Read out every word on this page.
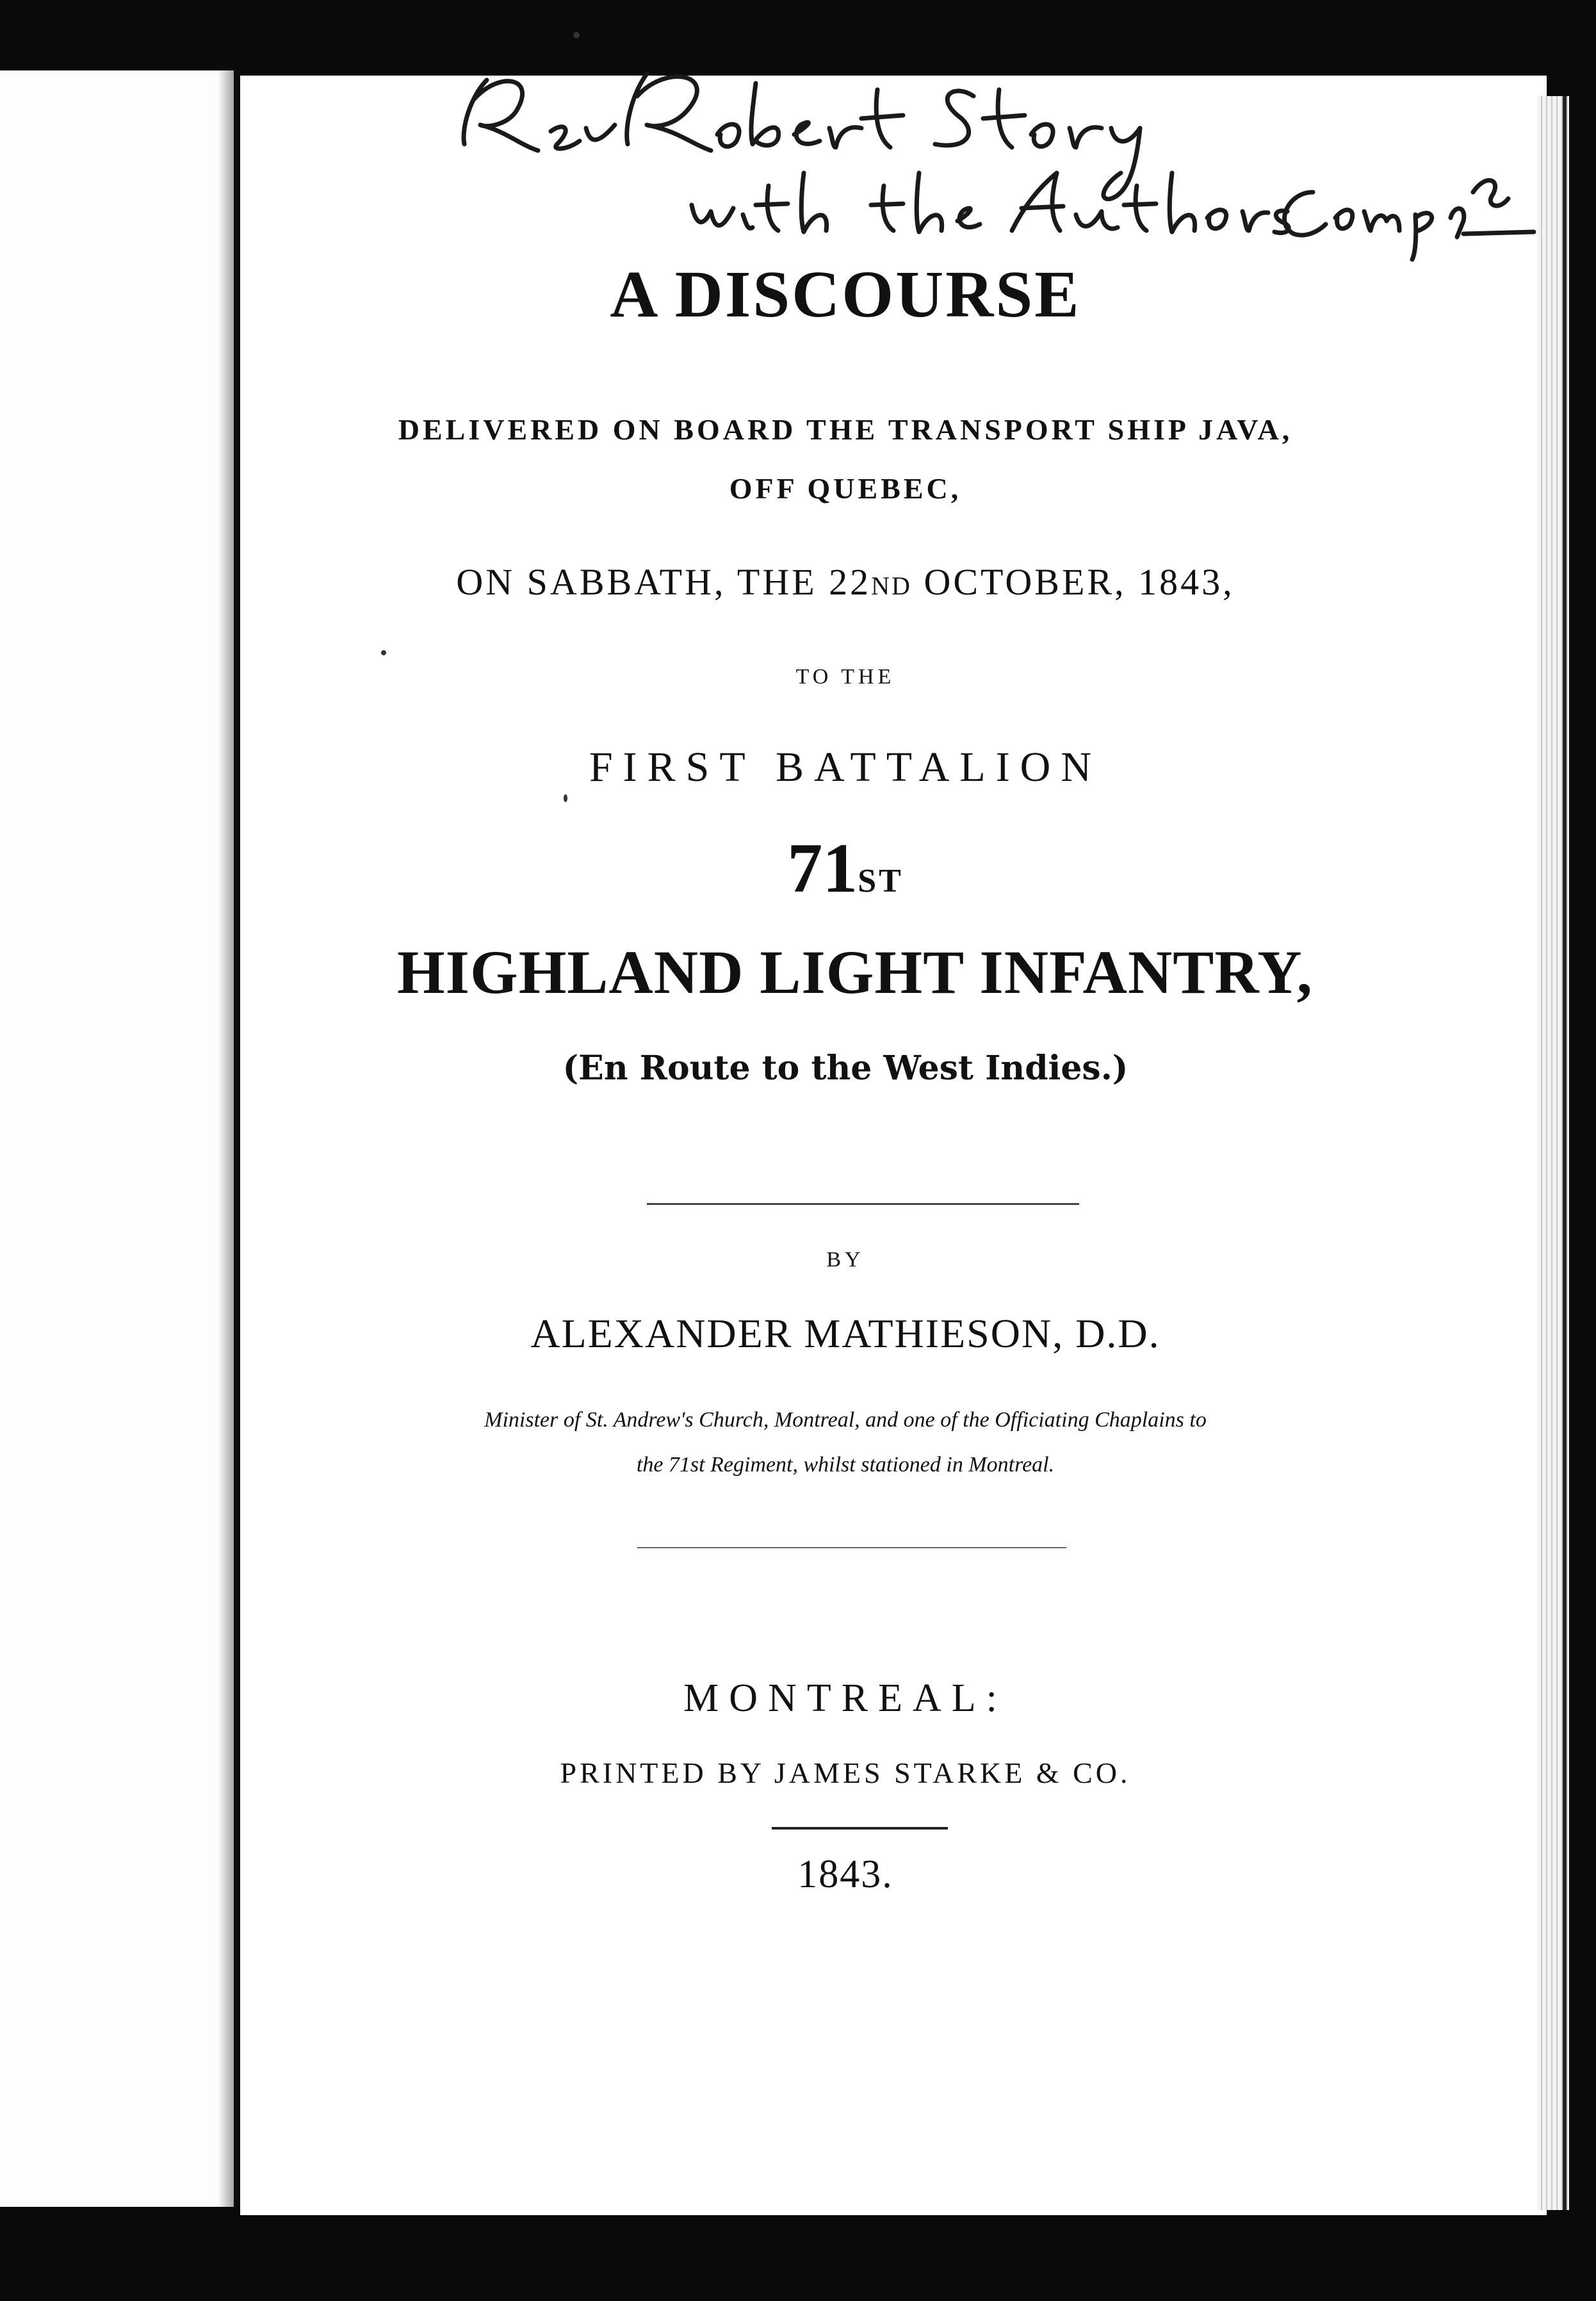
A DISCOURSE
DELIVERED ON BOARD THE TRANSPORT SHIP JAVA,
OFF QUEBEC,
ON SABBATH, THE 22ND OCTOBER, 1843,
TO THE
FIRST BATTALION
71ST
HIGHLAND LIGHT INFANTRY,
(En Route to the West Indies.)
BY
ALEXANDER MATHIESON, D.D.
Minister of St. Andrew's Church, Montreal, and one of the Officiating Chaplains to
the 71st Regiment, whilst stationed in Montreal.
MONTREAL:
PRINTED BY JAMES STARKE & CO.
1843.
